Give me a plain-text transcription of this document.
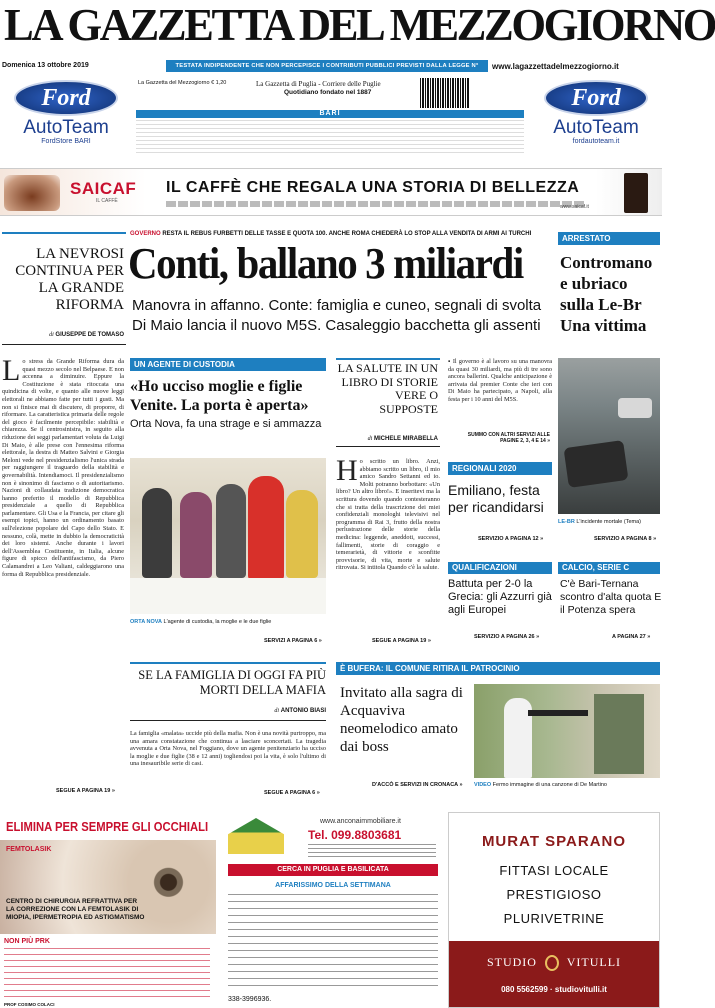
LA GAZZETTA DEL MEZZOGIORNO
Domenica 13 ottobre 2019	TESTATA INDIPENDENTE CHE NON PERCEPISCE I CONTRIBUTI PUBBLICI PREVISTI DALLA LEGGE N° 250/90
www.lagazzettadelmezzogiorno.it
Ford
AutoTeam
FordStore BARI
La Gazzetta del Mezzogiorno € 1,20	La Gazzetta di Puglia - Corriere delle Puglie
Quotidiano fondato nel 1887
BARI
Ford
AutoTeam
fordautoteam.it
SAICAF
IL CAFFÈ
IL CAFFÈ CHE REGALA UNA STORIA DI BELLEZZA
www.saicaf.it
LA NEVROSI CONTINUA PER LA GRANDE RIFORMA
di GIUSEPPE DE TOMASO
L o stress da Grande Riforma dura da quasi mezzo secolo nel Belpaese. E non accenna a diminuire. Eppure la Costituzione è stata ritoccata una quindicina di volte, e quanto alle nuove leggi elettorali ne abbiamo fatte per tutti i gusti. Ma non si finisce mai di discutere, di proporre, di riformare. La caratteristica primaria delle regole del gioco è facilmente percepibile: stabilità e chiarezza. Se il centrosinistra, in seguito alla riduzione dei seggi parlamentari voluta da Luigi Di Maio, è alle prese con l'ennesima riforma elettorale, la destra di Matteo Salvini e Giorgia Meloni vede nel presidenzialismo l'unica strada per raggiungere il traguardo della stabilità e governabilità. Intendiamoci. Il presidenzialismo non è sinonimo di fascismo o di autoritarismo. Nazioni di collaudata tradizione democratica hanno preferito il modello di Repubblica presidenziale a quello di Repubblica parlamentare. Gli Usa e la Francia, per citare gli esempi topici, hanno un ordinamento basato sull'elezione popolare del Capo dello Stato. E nessuno, colà, mette in dubbio la democraticità dei loro sistemi. Anche durante i lavori dell'Assemblea Costituente, in Italia, alcune figure di spicco dell'antifascismo, da Piero Calamandrei a Leo Valiani, caldeggiarono una forma di Repubblica presidenziale.
SEGUE A PAGINA 19 »
GOVERNO RESTA IL REBUS FURBETTI DELLE TASSE E QUOTA 100. ANCHE ROMA CHIEDERÀ LO STOP ALLA VENDITA DI ARMI AI TURCHI
Conti, ballano 3 miliardi
Manovra in affanno. Conte: famiglia e cuneo, segnali di svolta
Di Maio lancia il nuovo M5S. Casaleggio bacchetta gli assenti
UN AGENTE DI CUSTODIA
«Ho ucciso moglie e figlie Venite. La porta è aperta»
Orta Nova, fa una strage e si ammazza
ORTA NOVA L'agente di custodia, la moglie e le due figlie
SERVIZI A PAGINA 6 »
LA SALUTE IN UN LIBRO DI STORIE VERE O SUPPOSTE
di MICHELE MIRABELLA
H o scritto un libro. Anzi, abbiamo scritto un libro, il mio amico Sandro Settanni ed io. Molti potranno borbottare: «Un libro? Un altro libro!». E inseritevi ma la scrittura dovendo quando contesteranno che si tratta della trascrizione dei miei confidenziali monologhi televisivi nel programma di Rai 3, frutto della nostra perlustrazione delle storie della medicina: leggende, aneddoti, successi, fallimenti, storie di coraggio e temerarietà, di vittorie e sconfitte provvisorie, di vita, morte e salute ritrovata. Si intitola Quando c'è la salute.
SEGUE A PAGINA 19 »
▪ Il governo è al lavoro su una manovra da quasi 30 miliardi, ma più di tre sono ancora ballerini. Qualche anticipazione è arrivata dal premier Conte che ieri con Di Maio ha partecipato, a Napoli, alla festa per i 10 anni del M5S.
SUMMO CON ALTRI SERVIZI ALLE PAGINE 2, 3, 4 E 14 »
REGIONALI 2020
Emiliano, festa per ricandidarsi
SERVIZIO A PAGINA 12 »
QUALIFICAZIONI
Battuta per 2-0 la Grecia: gli Azzurri già agli Europei
SERVIZIO A PAGINA 26 »
CALCIO, SERIE C
C'è Bari-Ternana scontro d'alta quota E il Potenza spera
A PAGINA 27 »
ARRESTATO
Contromano e ubriaco sulla Le-Br Una vittima
LE-BR L'incidente mortale (Tema)
SERVIZIO A PAGINA 8 »
SE LA FAMIGLIA DI OGGI FA PIÙ MORTI DELLA MAFIA
di ANTONIO BIASI
La famiglia «malata» uccide più della mafia. Non è una novità purtroppo, ma una amara constatazione che continua a lasciare sconcertati. La tragedia avvenuta a Orta Nova, nel Foggiano, dove un agente penitenziario ha ucciso la moglie e due figlie (38 e 12 anni) togliendosi poi la vita, è solo l'ultimo di una inesauribile serie di casi.
SEGUE A PAGINA 6 »
È BUFERA: IL COMUNE RITIRA IL PATROCINIO
Invitato alla sagra di Acquaviva neomelodico amato dai boss
D'ACCÒ E SERVIZI IN CRONACA » VIDEO Fermo immagine di una canzone di De Martino
ELIMINA PER SEMPRE GLI OCCHIALI
FEMTOLASIK
CENTRO DI CHIRURGIA REFRATTIVA PER LA CORREZIONE CON LA FEMTOLASIK DI MIOPIA, IPERMETROPIA ED ASTIGMATISMO
NON PIÙ PRK
PROF COSIMO COLACI
www.anconaimmobiliare.it
Tel. 099.8803681
CERCA IN PUGLIA E BASILICATA
AFFARISSIMO DELLA SETTIMANA
338-3996936.
MURAT SPARANO
FITTASI LOCALE
PRESTIGIOSO
PLURIVETRINE
STUDIO VITULLI
080 5562599 · studiovitulli.it
